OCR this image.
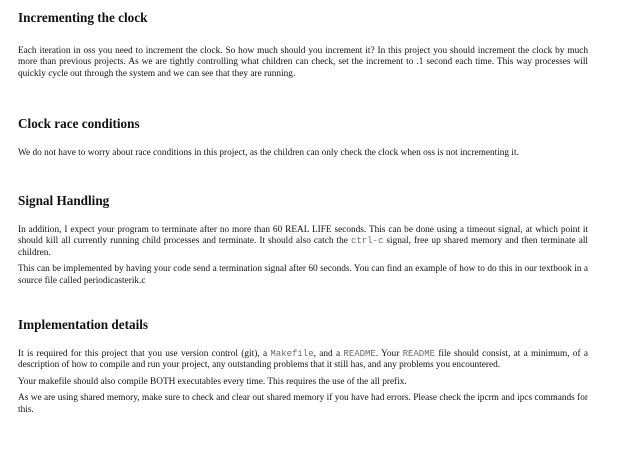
Incrementing the clock

Each iteration in oss you need to increment the clock. So how much should you increment it? In this project you should increment the clock by much more than previous projects. As we are tightly controlling what children can check, set the increment to .1 second each time. This way processes will quickly cycle out through the system and we can see that they are running.

Clock race conditions

We do not have to worry about race conditions in this project, as the children can only check the clock when oss is not incrementing it.

Signal Handling

In addition, I expect your program to terminate after no more than 60 REAL LIFE seconds. This can be done using a timeout signal, at which point it should kill all currently running child processes and terminate. It should also catch the ctrl-c signal, free up shared memory and then terminate all children.

This can be implemented by having your code send a termination signal after 60 seconds. You can find an example of how to do this in our textbook in a source file called periodicasterik.c

Implementation details

It is required for this project that you use version control (git), a Makefile, and a README. Your README file should consist, at a minimum, of a description of how to compile and run your project, any outstanding problems that it still has, and any problems you encountered.

Your makefile should also compile BOTH executables every time. This requires the use of the all prefix.

As we are using shared memory, make sure to check and clear out shared memory if you have had errors. Please check the ipcrm and ipcs commands for this.
